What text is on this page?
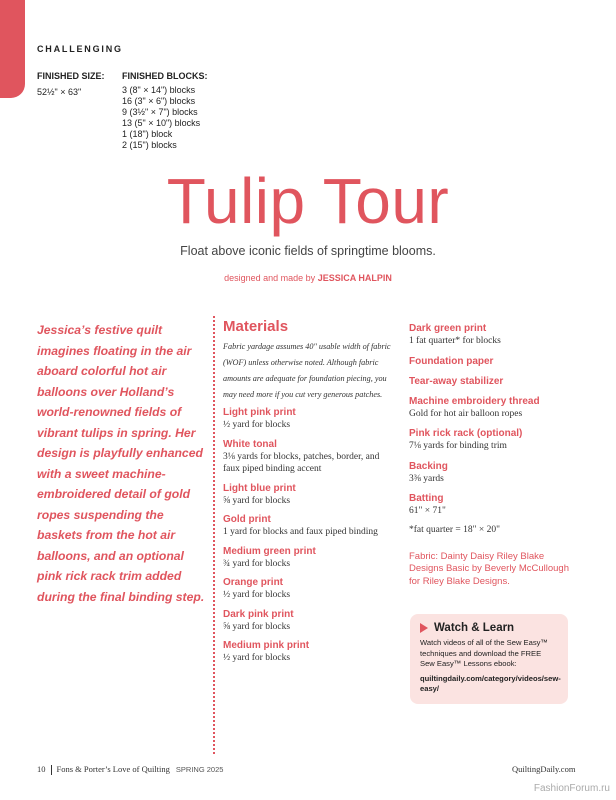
CHALLENGING
FINISHED SIZE:
52½" × 63"
FINISHED BLOCKS:
3 (8" × 14") blocks
16 (3" × 6") blocks
9 (3½" × 7") blocks
13 (5" × 10") blocks
1 (18") block
2 (15") blocks
Tulip Tour
Float above iconic fields of springtime blooms.
designed and made by JESSICA HALPIN

Jessica’s festive quilt imagines floating in the air aboard colorful hot air balloons over Holland’s world-renowned fields of vibrant tulips in spring. Her design is playfully enhanced with a sweet machine-embroidered detail of gold ropes suspending the baskets from the hot air balloons, and an optional pink rick rack trim added during the final binding step.

Materials

Fabric yardage assumes 40" usable width of fabric (WOF) unless otherwise noted. Although fabric amounts are adequate for foundation piecing, you may need more if you cut very generous patches.

Light pink print
½ yard for blocks
White tonal
3⅛ yards for blocks, patches, border, and faux piped binding accent
Light blue print
⅝ yard for blocks
Gold print
1 yard for blocks and faux piped binding
Medium green print
¾ yard for blocks
Orange print
½ yard for blocks
Dark pink print
⅝ yard for blocks
Medium pink print
½ yard for blocks
Dark green print
1 fat quarter* for blocks
Foundation paper
Tear-away stabilizer
Machine embroidery thread
Gold for hot air balloon ropes
Pink rick rack (optional)
7⅛ yards for binding trim
Backing
3⅜ yards
Batting
61" × 71"
*fat quarter = 18" × 20"

Fabric: Dainty Daisy Riley Blake Designs Basic by Beverly McCullough for Riley Blake Designs.

Watch & Learn

Watch videos of all of the Sew Easy™ techniques and download the FREE Sew Easy™ Lessons ebook:

quiltingdaily.com/category/videos/sew-easy/

10 Fons & Porter’s Love of Quilting SPRING 2025	QuiltingDaily.com
FashionForum.ru
